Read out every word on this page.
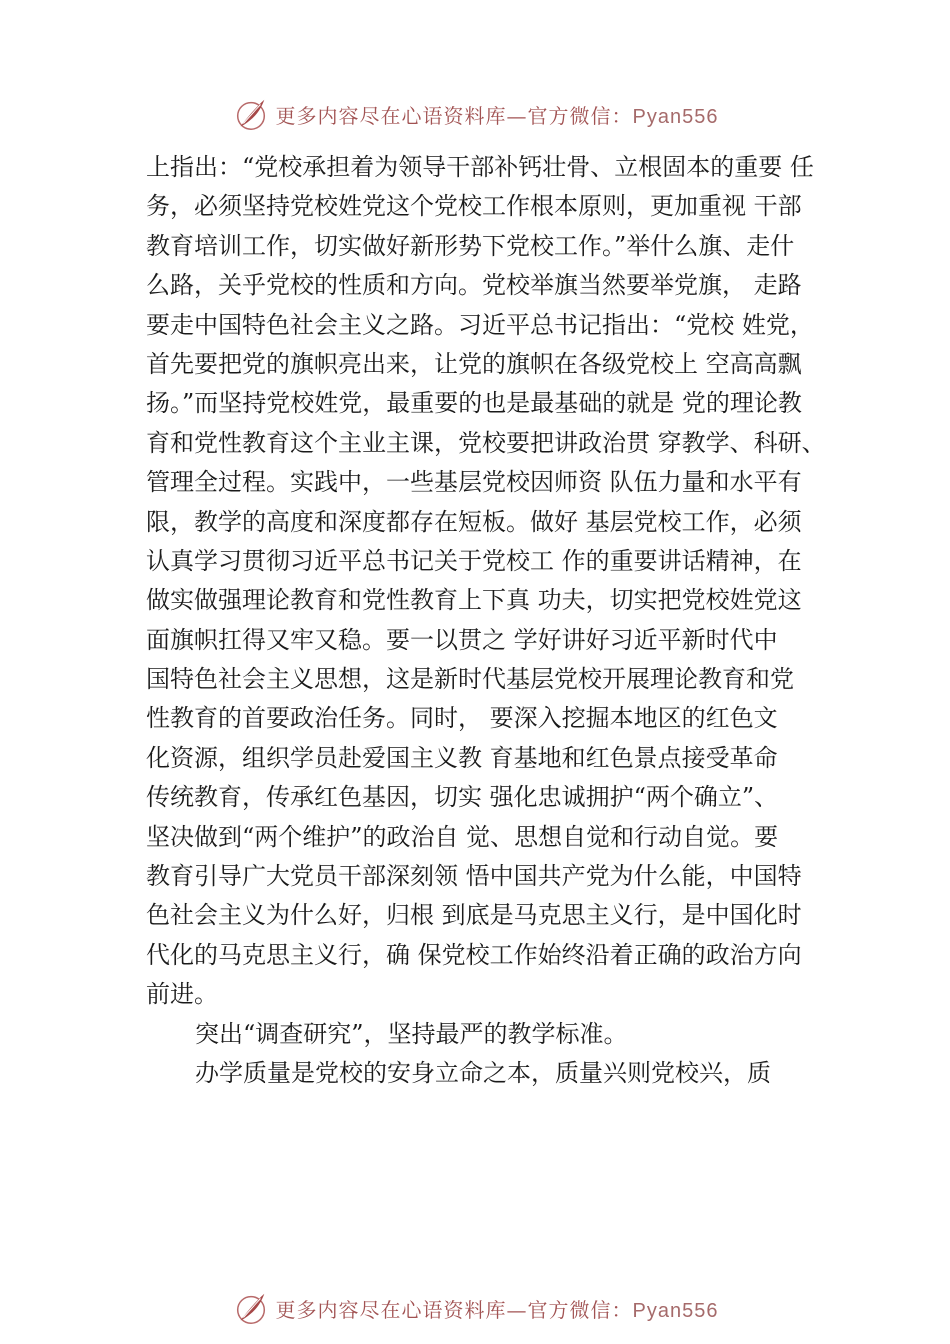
更多内容尽在心语资料库—官方微信：Pyan556
上指出：“党校承担着为领导干部补钙壮骨、立根固本的重要 任
务，必须坚持党校姓党这个党校工作根本原则，更加重视 干部
教育培训工作，切实做好新形势下党校工作。”举什么旗、走什
么路，关乎党校的性质和方向。党校举旗当然要举党旗， 走路
要走中国特色社会主义之路。习近平总书记指出：“党校 姓党，
首先要把党的旗帜亮出来，让党的旗帜在各级党校上 空高高飘
扬。”而坚持党校姓党，最重要的也是最基础的就是 党的理论教
育和党性教育这个主业主课，党校要把讲政治贯 穿教学、科研、
管理全过程。实践中，一些基层党校因师资 队伍力量和水平有
限，教学的高度和深度都存在短板。做好 基层党校工作，必须
认真学习贯彻习近平总书记关于党校工 作的重要讲话精神，在
做实做强理论教育和党性教育上下真 功夫，切实把党校姓党这
面旗帜扛得又牢又稳。要一以贯之 学好讲好习近平新时代中
国特色社会主义思想，这是新时代基层党校开展理论教育和党
性教育的首要政治任务。同时， 要深入挖掘本地区的红色文
化资源，组织学员赴爱国主义教 育基地和红色景点接受革命
传统教育，传承红色基因，切实 强化忠诚拥护“两个确立”、
坚决做到“两个维护”的政治自 觉、思想自觉和行动自觉。要
教育引导广大党员干部深刻领 悟中国共产党为什么能，中国特
色社会主义为什么好，归根 到底是马克思主义行，是中国化时
代化的马克思主义行，确 保党校工作始终沿着正确的政治方向
前进。
突出“调查研究”，坚持最严的教学标准。
办学质量是党校的安身立命之本，质量兴则党校兴，质
更多内容尽在心语资料库—官方微信：Pyan556
